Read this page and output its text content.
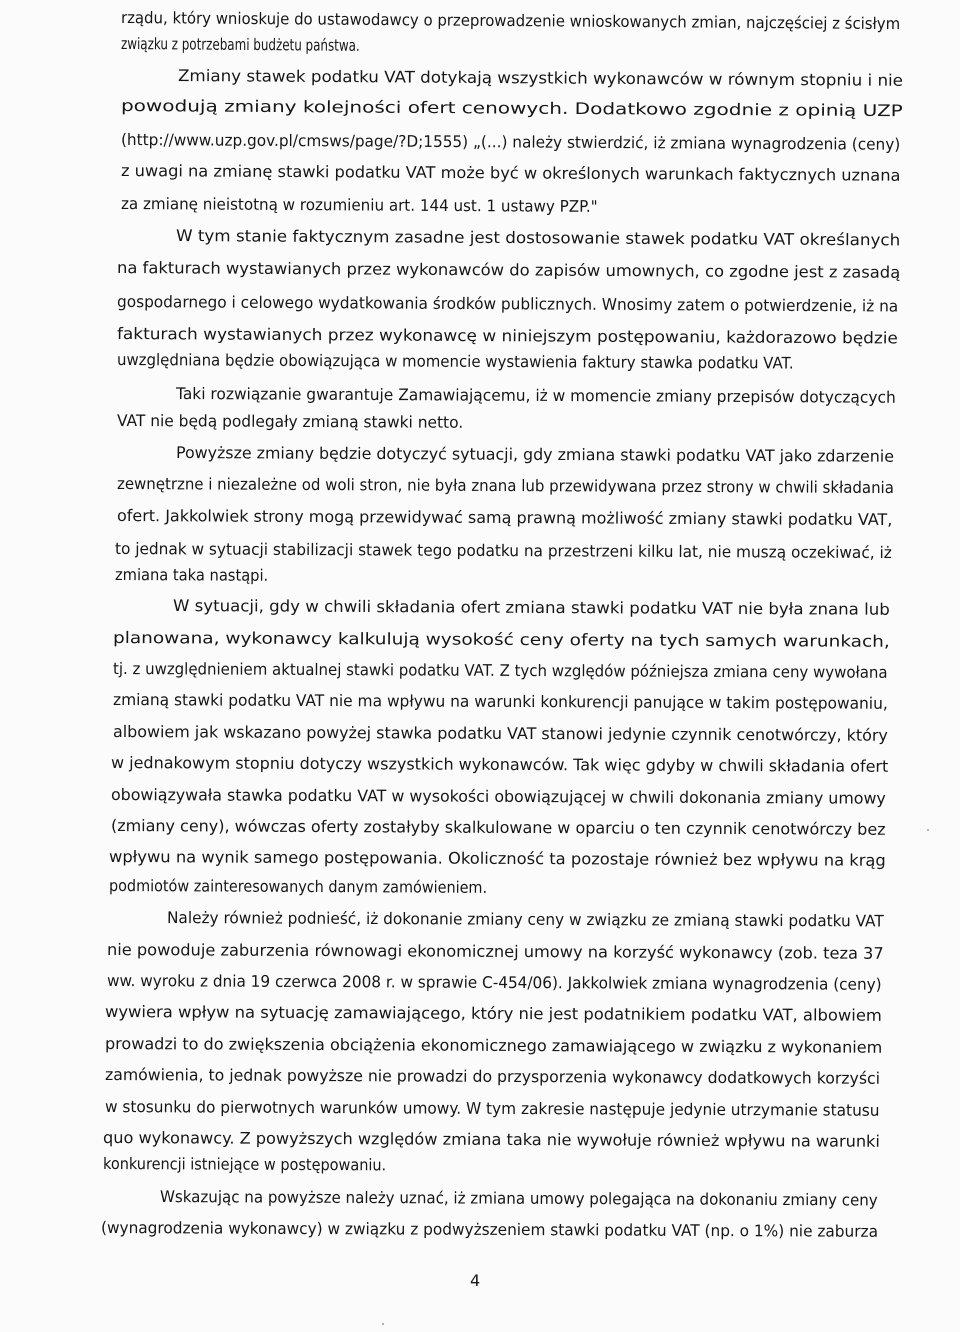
rządu, który wnioskuje do ustawodawcy o przeprowadzenie wnioskowanych zmian, najczęściej z ścisłym
związku z potrzebami budżetu państwa.
Zmiany stawek podatku VAT dotykają wszystkich wykonawców w równym stopniu i nie
powodują zmiany kolejności ofert cenowych. Dodatkowo zgodnie z opinią UZP
(http://www.uzp.gov.pl/cmsws/page/?D;1555) „(...) należy stwierdzić, iż zmiana wynagrodzenia (ceny)
z uwagi na zmianę stawki podatku VAT może być w określonych warunkach faktycznych uznana
za zmianę nieistotną w rozumieniu art. 144 ust. 1 ustawy PZP."
W tym stanie faktycznym zasadne jest dostosowanie stawek podatku VAT określanych
na fakturach wystawianych przez wykonawców do zapisów umownych, co zgodne jest z zasadą
gospodarnego i celowego wydatkowania środków publicznych. Wnosimy zatem o potwierdzenie, iż na
fakturach wystawianych przez wykonawcę w niniejszym postępowaniu, każdorazowo będzie
uwzględniana będzie obowiązująca w momencie wystawienia faktury stawka podatku VAT.
Taki rozwiązanie gwarantuje Zamawiającemu, iż w momencie zmiany przepisów dotyczących
VAT nie będą podlegały zmianą stawki netto.
Powyższe zmiany będzie dotyczyć sytuacji, gdy zmiana stawki podatku VAT jako zdarzenie
zewnętrzne i niezależne od woli stron, nie była znana lub przewidywana przez strony w chwili składania
ofert. Jakkolwiek strony mogą przewidywać samą prawną możliwość zmiany stawki podatku VAT,
to jednak w sytuacji stabilizacji stawek tego podatku na przestrzeni kilku lat, nie muszą oczekiwać, iż
zmiana taka nastąpi.
W sytuacji, gdy w chwili składania ofert zmiana stawki podatku VAT nie była znana lub
planowana, wykonawcy kalkulują wysokość ceny oferty na tych samych warunkach,
tj. z uwzględnieniem aktualnej stawki podatku VAT. Z tych względów późniejsza zmiana ceny wywołana
zmianą stawki podatku VAT nie ma wpływu na warunki konkurencji panujące w takim postępowaniu,
albowiem jak wskazano powyżej stawka podatku VAT stanowi jedynie czynnik cenotwórczy, który
w jednakowym stopniu dotyczy wszystkich wykonawców. Tak więc gdyby w chwili składania ofert
obowiązywała stawka podatku VAT w wysokości obowiązującej w chwili dokonania zmiany umowy
(zmiany ceny), wówczas oferty zostałyby skalkulowane w oparciu o ten czynnik cenotwórczy bez
wpływu na wynik samego postępowania. Okoliczność ta pozostaje również bez wpływu na krąg
podmiotów zainteresowanych danym zamówieniem.
Należy również podnieść, iż dokonanie zmiany ceny w związku ze zmianą stawki podatku VAT
nie powoduje zaburzenia równowagi ekonomicznej umowy na korzyść wykonawcy (zob. teza 37
ww. wyroku z dnia 19 czerwca 2008 r. w sprawie C-454/06). Jakkolwiek zmiana wynagrodzenia (ceny)
wywiera wpływ na sytuację zamawiającego, który nie jest podatnikiem podatku VAT, albowiem
prowadzi to do zwiększenia obciążenia ekonomicznego zamawiającego w związku z wykonaniem
zamówienia, to jednak powyższe nie prowadzi do przysporzenia wykonawcy dodatkowych korzyści
w stosunku do pierwotnych warunków umowy. W tym zakresie następuje jedynie utrzymanie statusu
quo wykonawcy. Z powyższych względów zmiana taka nie wywołuje również wpływu na warunki
konkurencji istniejące w postępowaniu.
Wskazując na powyższe należy uznać, iż zmiana umowy polegająca na dokonaniu zmiany ceny
(wynagrodzenia wykonawcy) w związku z podwyższeniem stawki podatku VAT (np. o 1%) nie zaburza
4
